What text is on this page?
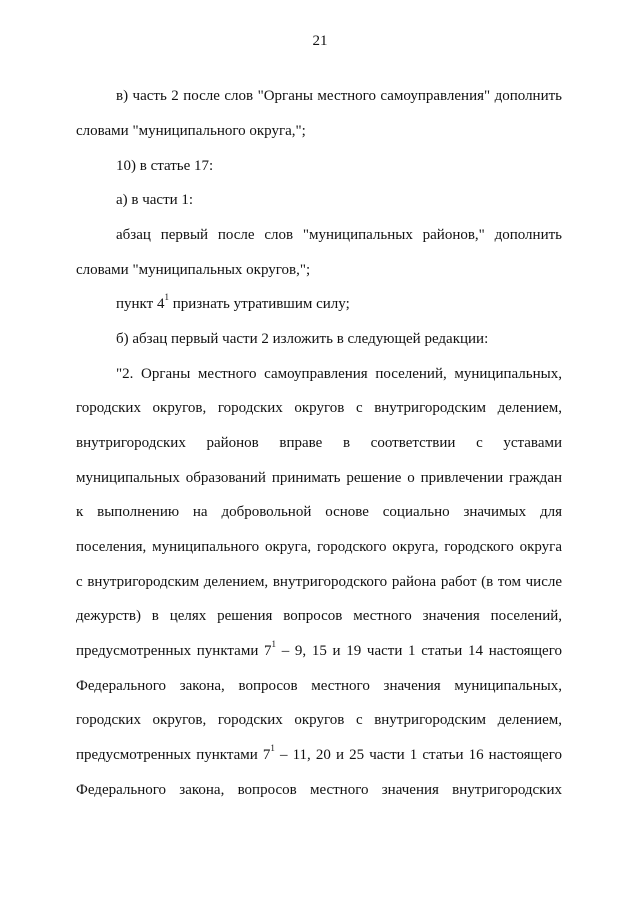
21
в) часть 2 после слов "Органы местного самоуправления" дополнить
словами "муниципального округа,";
10) в статье 17:
а) в части 1:
абзац первый после слов "муниципальных районов," дополнить
словами "муниципальных округов,";
пункт $4^1$ признать утратившим силу;
б) абзац первый части 2 изложить в следующей редакции:
"2. Органы местного самоуправления поселений, муниципальных,
городских округов, городских округов с внутригородским делением,
внутригородских районов вправе в соответствии с уставами
муниципальных образований принимать решение о привлечении граждан
к выполнению на добровольной основе социально значимых для
поселения, муниципального округа, городского округа, городского округа
с внутригородским делением, внутригородского района работ (в том числе
дежурств) в целях решения вопросов местного значения поселений,
предусмотренных пунктами $7^1 - 9$, 15 и 19 части 1 статьи 14 настоящего
Федерального закона, вопросов местного значения муниципальных,
городских округов, городских округов с внутригородским делением,
предусмотренных пунктами $7^1 - 11$, 20 и 25 части 1 статьи 16 настоящего
Федерального закона, вопросов местного значения внутригородских
